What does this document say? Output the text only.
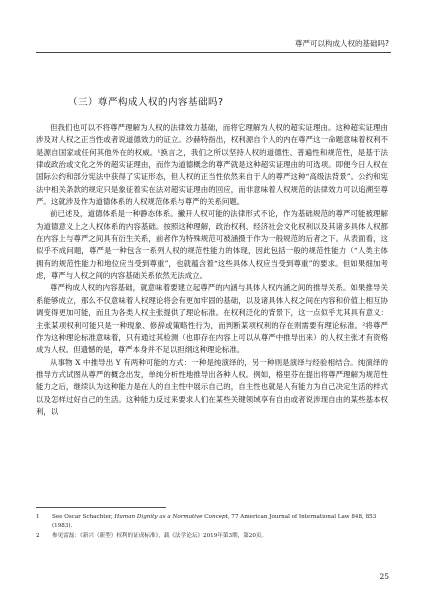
尊严可以构成人权的基础吗?
（三）尊严构成人权的内容基础吗?

但我们也可以不将尊严理解为人权的法律效力基础，而将它理解为人权的超实证理由。这种超实证理由涉及对人权之正当性或者说道德效力的证立。沙赫特指出，权利源自个人的内在尊严这一命题意味着权利不是源自国家或任何其他外在的权威。¹换言之，我们之所以坚持人权的道德性、普遍性和规范性，是基于法律或政治或文化之外的超实证理由，而作为道德概念的尊严就是这种超实证理由的可选项。即便今日人权在国际公约和部分宪法中获得了实证形态，但人权的正当性依然来自于人的尊严这种“高级法背景”。公约和宪法中相关条款的规定只是象征着实在法对超实证理由的回应，而非意味着人权规范的法律效力可以追溯至尊严。这就涉及作为道德体系的人权规范体系与尊严的关系问题。

前已述及，道德体系是一种静态体系。撇开人权可能的法律形式不论，作为基础规范的尊严可能被理解为道德意义上之人权体系的内容基础。按照这种理解，政治权利、经济社会文化权利以及其诸多具体人权都在内容上与尊严之间具有衍生关系，前者作为特殊规范可被涵摄于作为一般规范的后者之下。从表面看，这似乎不成问题，尊严是一种包含一系列人权的规范性能力的体现，因此包括一般的规范性能力（“人类主体拥有的规范性能力和地位应当受到尊重”，也就蕴含着“这些具体人权应当受到尊重”的要求。但如果细加考虑，尊严与人权之间的内容基础关系依然无法成立。

尊严构成人权的内容基础，就意味着要建立起尊严的内涵与具体人权内涵之间的推导关系。如果推导关系能够成立，那么不仅意味着人权理论将会有更加牢固的基础，以及诸具体人权之间在内容和价值上相互协调变得更加可能，而且为各类人权主张提供了理论标准。在权利泛化的背景下，这一点似乎尤其具有意义：主张某项权利可能只是一种现象、修辞或策略性行为，而判断某项权利的存在则需要有理论标准。²将尊严作为这种理论标准意味着，只有通过其检测（也即存在内容上可以从尊严中推导出来）的人权主张才有资格成为人权。但遗憾的是，尊严本身并不足以担纲这种理论标准。

从事物 X 中推导出 Y 有两种可能的方式：一种是纯演绎的，另一种则是演绎与经验相结合。纯演绎的推导方式试图从尊严的概念出发，单纯分析性地推导出各种人权。例如，格里芬在提出将尊严理解为规范性能力之后，继续认为这种能力是在人的自主性中展示自己的，自主性也就是人有能力为自己决定生活的样式以及怎样过好自己的生活。这种能力反过来要求人们在某些关键领域享有自由或者说涉现自由的某些基本权利，以

1	See Oscar Schachter, Human Dignity as a Normative Concept, 77 American Journal of International Law 848, 853 (1983).
2	参见雷磊：《新兴（新型）权利的证成标准》，载《法学论坛》2019年第3期，第20页。
25
